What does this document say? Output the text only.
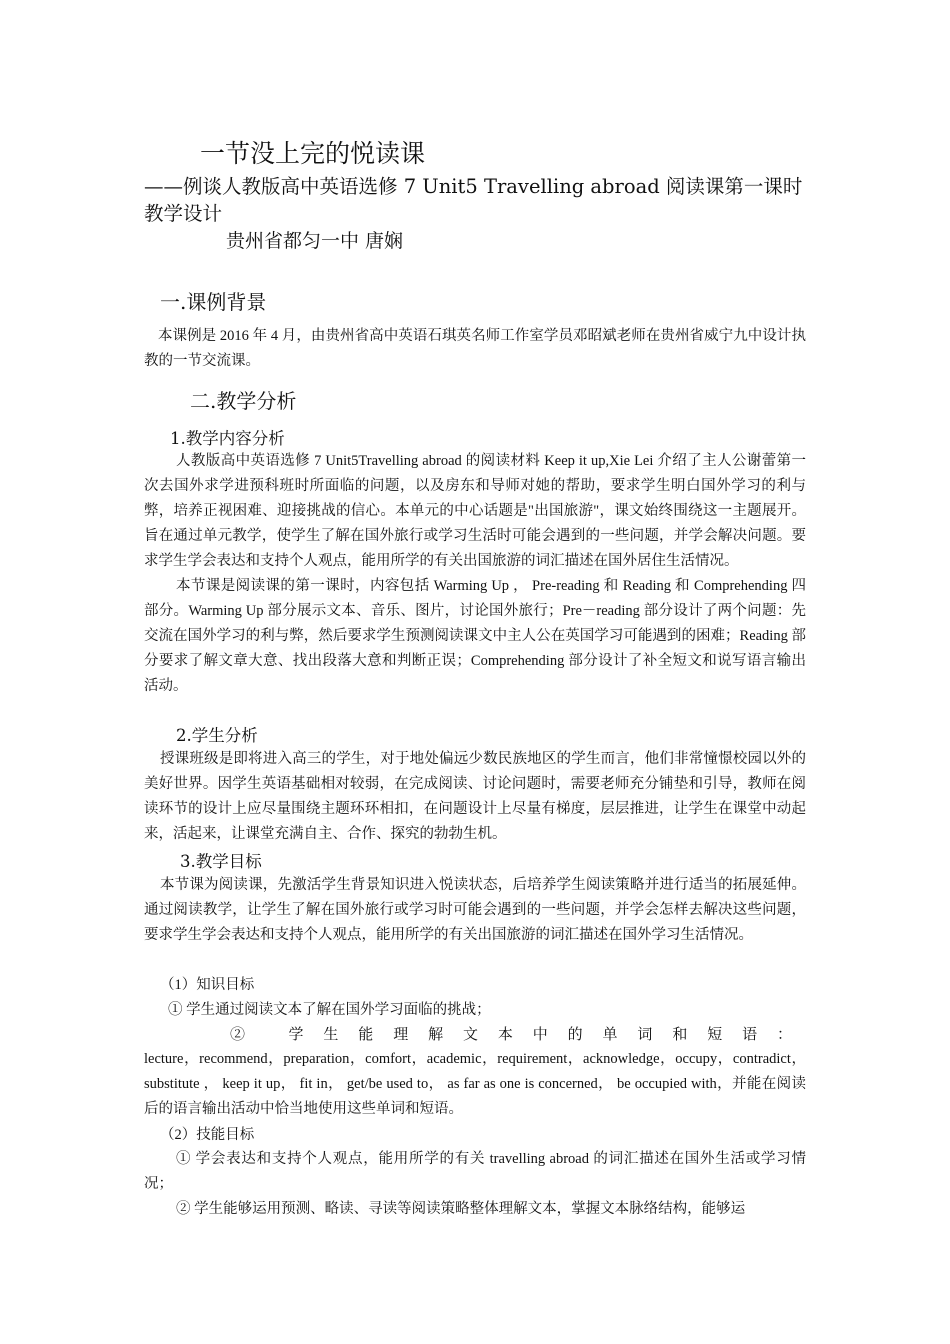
一节没上完的悦读课
——例谈人教版高中英语选修 7 Unit5 Travelling abroad 阅读课第一课时教学设计
贵州省都匀一中 唐娴
一.课例背景

本课例是 2016 年 4 月，由贵州省高中英语石琪英名师工作室学员邓昭斌老师在贵州省威宁九中设计执教的一节交流课。

二.教学分析
1.教学内容分析

人教版高中英语选修 7 Unit5Travelling abroad 的阅读材料 Keep it up,Xie Lei 介绍了主人公谢蕾第一次去国外求学进预科班时所面临的问题，以及房东和导师对她的帮助，要求学生明白国外学习的利与弊，培养正视困难、迎接挑战的信心。本单元的中心话题是"出国旅游"，课文始终围绕这一主题展开。旨在通过单元教学，使学生了解在国外旅行或学习生活时可能会遇到的一些问题，并学会解决问题。要求学生学会表达和支持个人观点，能用所学的有关出国旅游的词汇描述在国外居住生活情况。

本节课是阅读课的第一课时，内容包括 Warming Up ， Pre-reading 和 Reading 和 Comprehending 四部分。Warming Up 部分展示文本、音乐、图片，讨论国外旅行；Pre－reading 部分设计了两个问题：先交流在国外学习的利与弊，然后要求学生预测阅读课文中主人公在英国学习可能遇到的困难；Reading 部分要求了解文章大意、找出段落大意和判断正误；Comprehending 部分设计了补全短文和说写语言输出活动。

2.学生分析

授课班级是即将进入高三的学生，对于地处偏远少数民族地区的学生而言，他们非常憧憬校园以外的美好世界。因学生英语基础相对较弱，在完成阅读、讨论问题时，需要老师充分铺垫和引导，教师在阅读环节的设计上应尽量围绕主题环环相扣，在问题设计上尽量有梯度，层层推进，让学生在课堂中动起来，活起来，让课堂充满自主、合作、探究的勃勃生机。

3.教学目标

本节课为阅读课，先激活学生背景知识进入悦读状态，后培养学生阅读策略并进行适当的拓展延伸。通过阅读教学，让学生了解在国外旅行或学习时可能会遇到的一些问题，并学会怎样去解决这些问题，要求学生学会表达和支持个人观点，能用所学的有关出国旅游的词汇描述在国外学习生活情况。

（1）知识目标
① 学生通过阅读文本了解在国外学习面临的挑战；
② 学生能理解文本中的单词和短语：

lecture，recommend，preparation，comfort，academic，requirement，acknowledge，occupy，contradict， substitute ， keep it up， fit in， get/be used to， as far as one is concerned， be occupied with，并能在阅读后的语言输出活动中恰当地使用这些单词和短语。

（2）技能目标

① 学会表达和支持个人观点，能用所学的有关 travelling abroad 的词汇描述在国外生活或学习情况；

② 学生能够运用预测、略读、寻读等阅读策略整体理解文本，掌握文本脉络结构，能够运
